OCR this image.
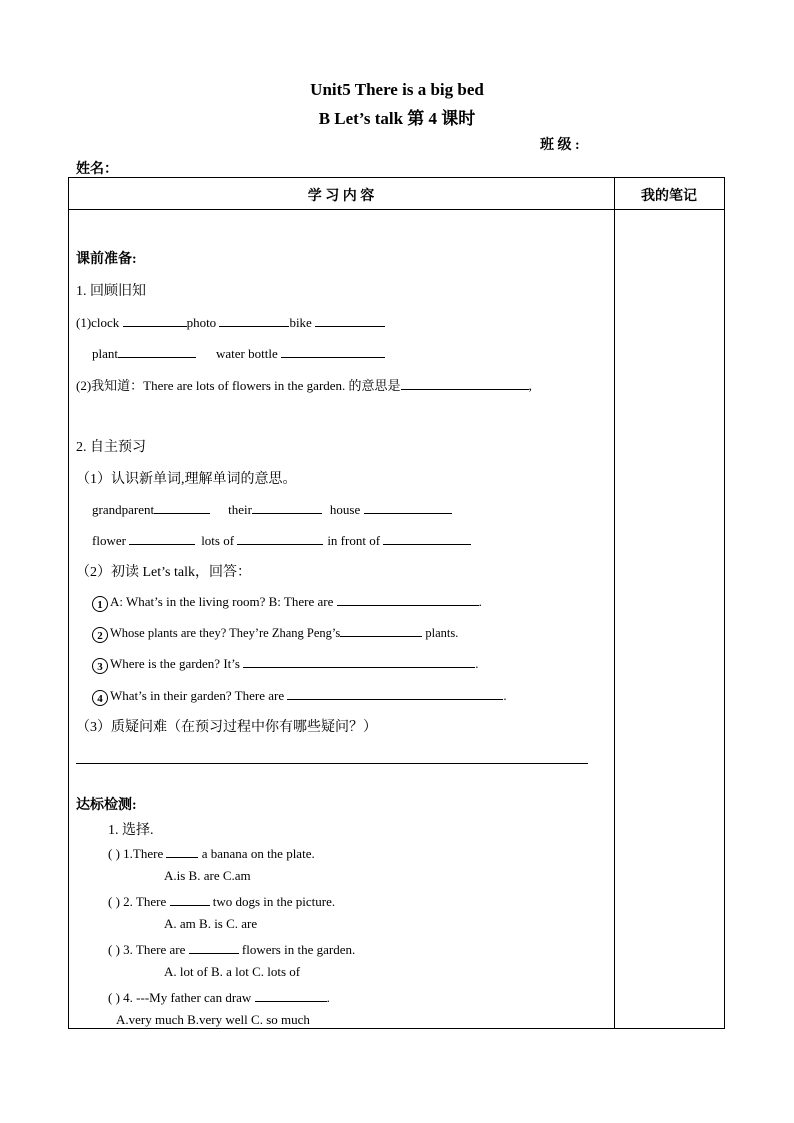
Unit5 There is a big bed
B Let’s talk 第 4 课时
班 级 :
姓名：
学 习 内 容	我的笔记
课前准备:
1. 回顾旧知
(1)clock	photo	bike
plant	water bottle
(2)我知道：There are lots of flowers in the garden. 的意思是	,
2. 自主预习
（1）认识新单词,理解单词的意思。
grandparent	their	house
flower	lots of	in front of
（2）初读 Let’s talk，回答：
1 A: What’s in the living room? B: There are	.
2 Whose plants are they? They’re Zhang Peng’s	plants.
3 Where is the garden? It’s	.
4 What’s in their garden? There are	.
（3）质疑问难（在预习过程中你有哪些疑问？）
达标检测:
1. 选择.
( ) 1.There  a banana on the plate.
A.is B. are C.am
( ) 2. There	two dogs in the picture.
A. am B. is C. are
( ) 3. There are	flowers in the garden.
A. lot of B. a lot C. lots of
( ) 4. ---My father can draw	.
A.very much B.very well C. so much
